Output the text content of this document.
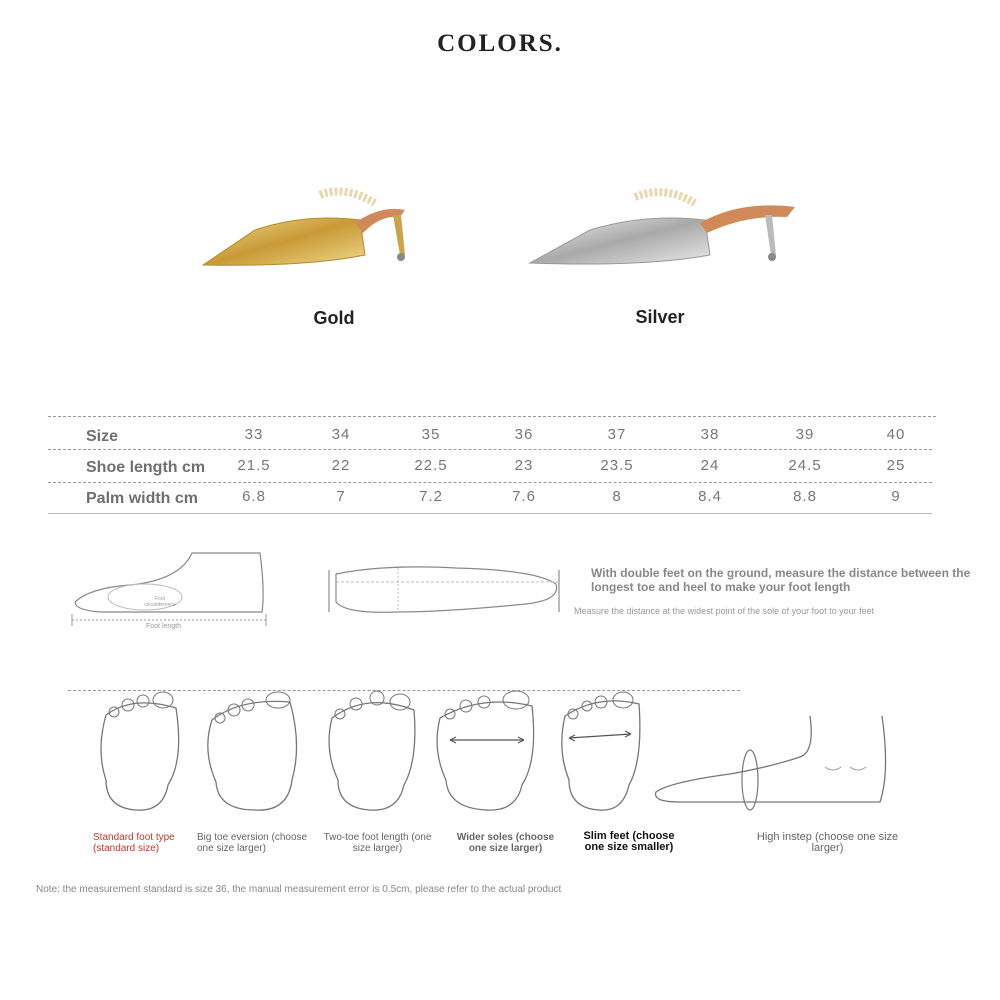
COLORS.
Gold	Silver
Size	33	34	35	36	37	38	39	40
Shoe length cm	21.5	22	22.5	23	23.5	24	24.5	25
Palm width cm	6.8	7	7.2	7.6	8	8.4	8.8	9
Foot circumference
Foot length
With double feet on the ground, measure the distance between the longest toe and heel to make your foot length
Measure the distance at the widest point of the sole of your foot to your feet
Standard foot type (standard size)
Big toe eversion (choose one size larger)
Two-toe foot length (one size larger)
Wider soles (choose one size larger)
Slim feet (choose one size smaller)
High instep (choose one size larger)
Note: the measurement standard is size 36, the manual measurement error is 0.5cm, please refer to the actual product
